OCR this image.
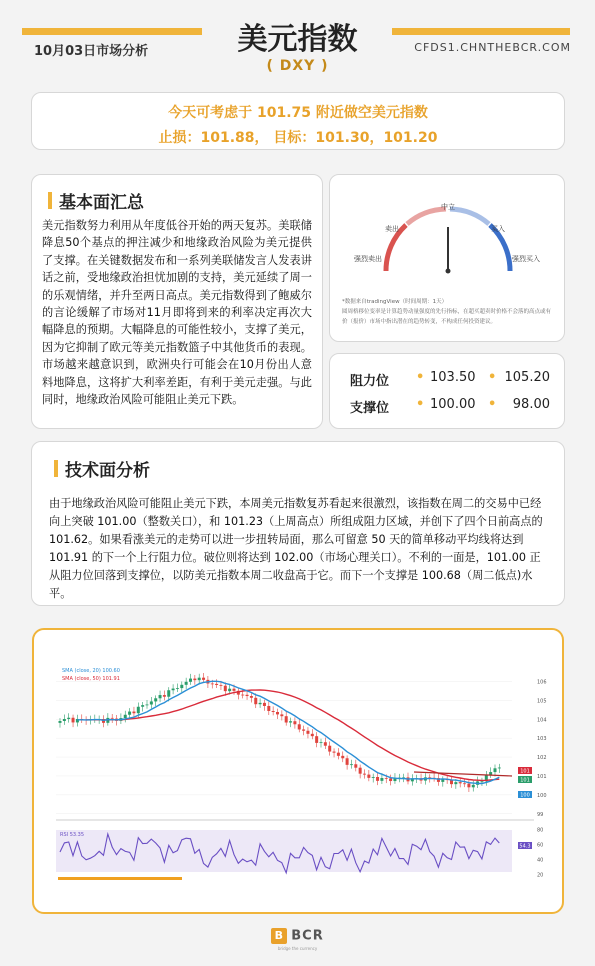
10月03日市场分析	美元指数
( DXY )
CFDS1.CHNTHEBCR.COM
今天可考虑于 101.75 附近做空美元指数
止损：101.88， 目标：101.30，101.20
基本面汇总
美元指数努力利用从年度低谷开始的两天复苏。美联储降息50个基点的押注减少和地缘政治风险为美元提供了支撑。在关键数据发布和一系列美联储发言人发表讲话之前，受地缘政治担忧加剧的支持，美元延续了周一的乐观情绪，并升至两日高点。美元指数得到了鲍威尔的言论缓解了市场对11月即将到来的利率决定再次大幅降息的预期。大幅降息的可能性较小，支撑了美元，因为它抑制了欧元等美元指数篮子中其他货币的表现。市场越来越意识到，欧洲央行可能会在10月份出人意料地降息，这将扩大利率差距，有利于美元走强。与此同时，地缘政治风险可能阻止美元下跌。
中立
卖出	买入
强烈卖出	强烈买入
*数据来自tradingView（时间周期：1天）
圆周格移位变率是计算趋势动量强度的先行指标，在超买超卖时价格不会落的高点或有价（报价）市场中指出潜在的趋势转变，不构成任何投资建议。
阻力位 • 103.50 • 105.20
支撑位 • 100.00 •	98.00
技术面分析
由于地缘政治风险可能阻止美元下跌，本周美元指数复苏看起来很激烈，该指数在周二的交易中已经向上突破 101.00（整数关口），和 101.23（上周高点）所组成阻力区域，并创下了四个日前高点的 101.62。如果看涨美元的走势可以进一步扭转局面，那么可留意 50 天的简单移动平均线将达到 101.91 的下一个上行阻力位。破位则将达到 102.00（市场心理关口）。不利的一面是，101.00 正从阻力位回落到支撑位，以防美元指数本周二收盘高于它。而下一个支撑是 100.68（周二低点)水平。
SMA (close, 20) 100.60
SMA (close, 50) 101.91
106
105
104
103
102
101
100
99
101
101
100
RSI 53.35
80
60
40
20
54.3
B BCR
bridge the currency
